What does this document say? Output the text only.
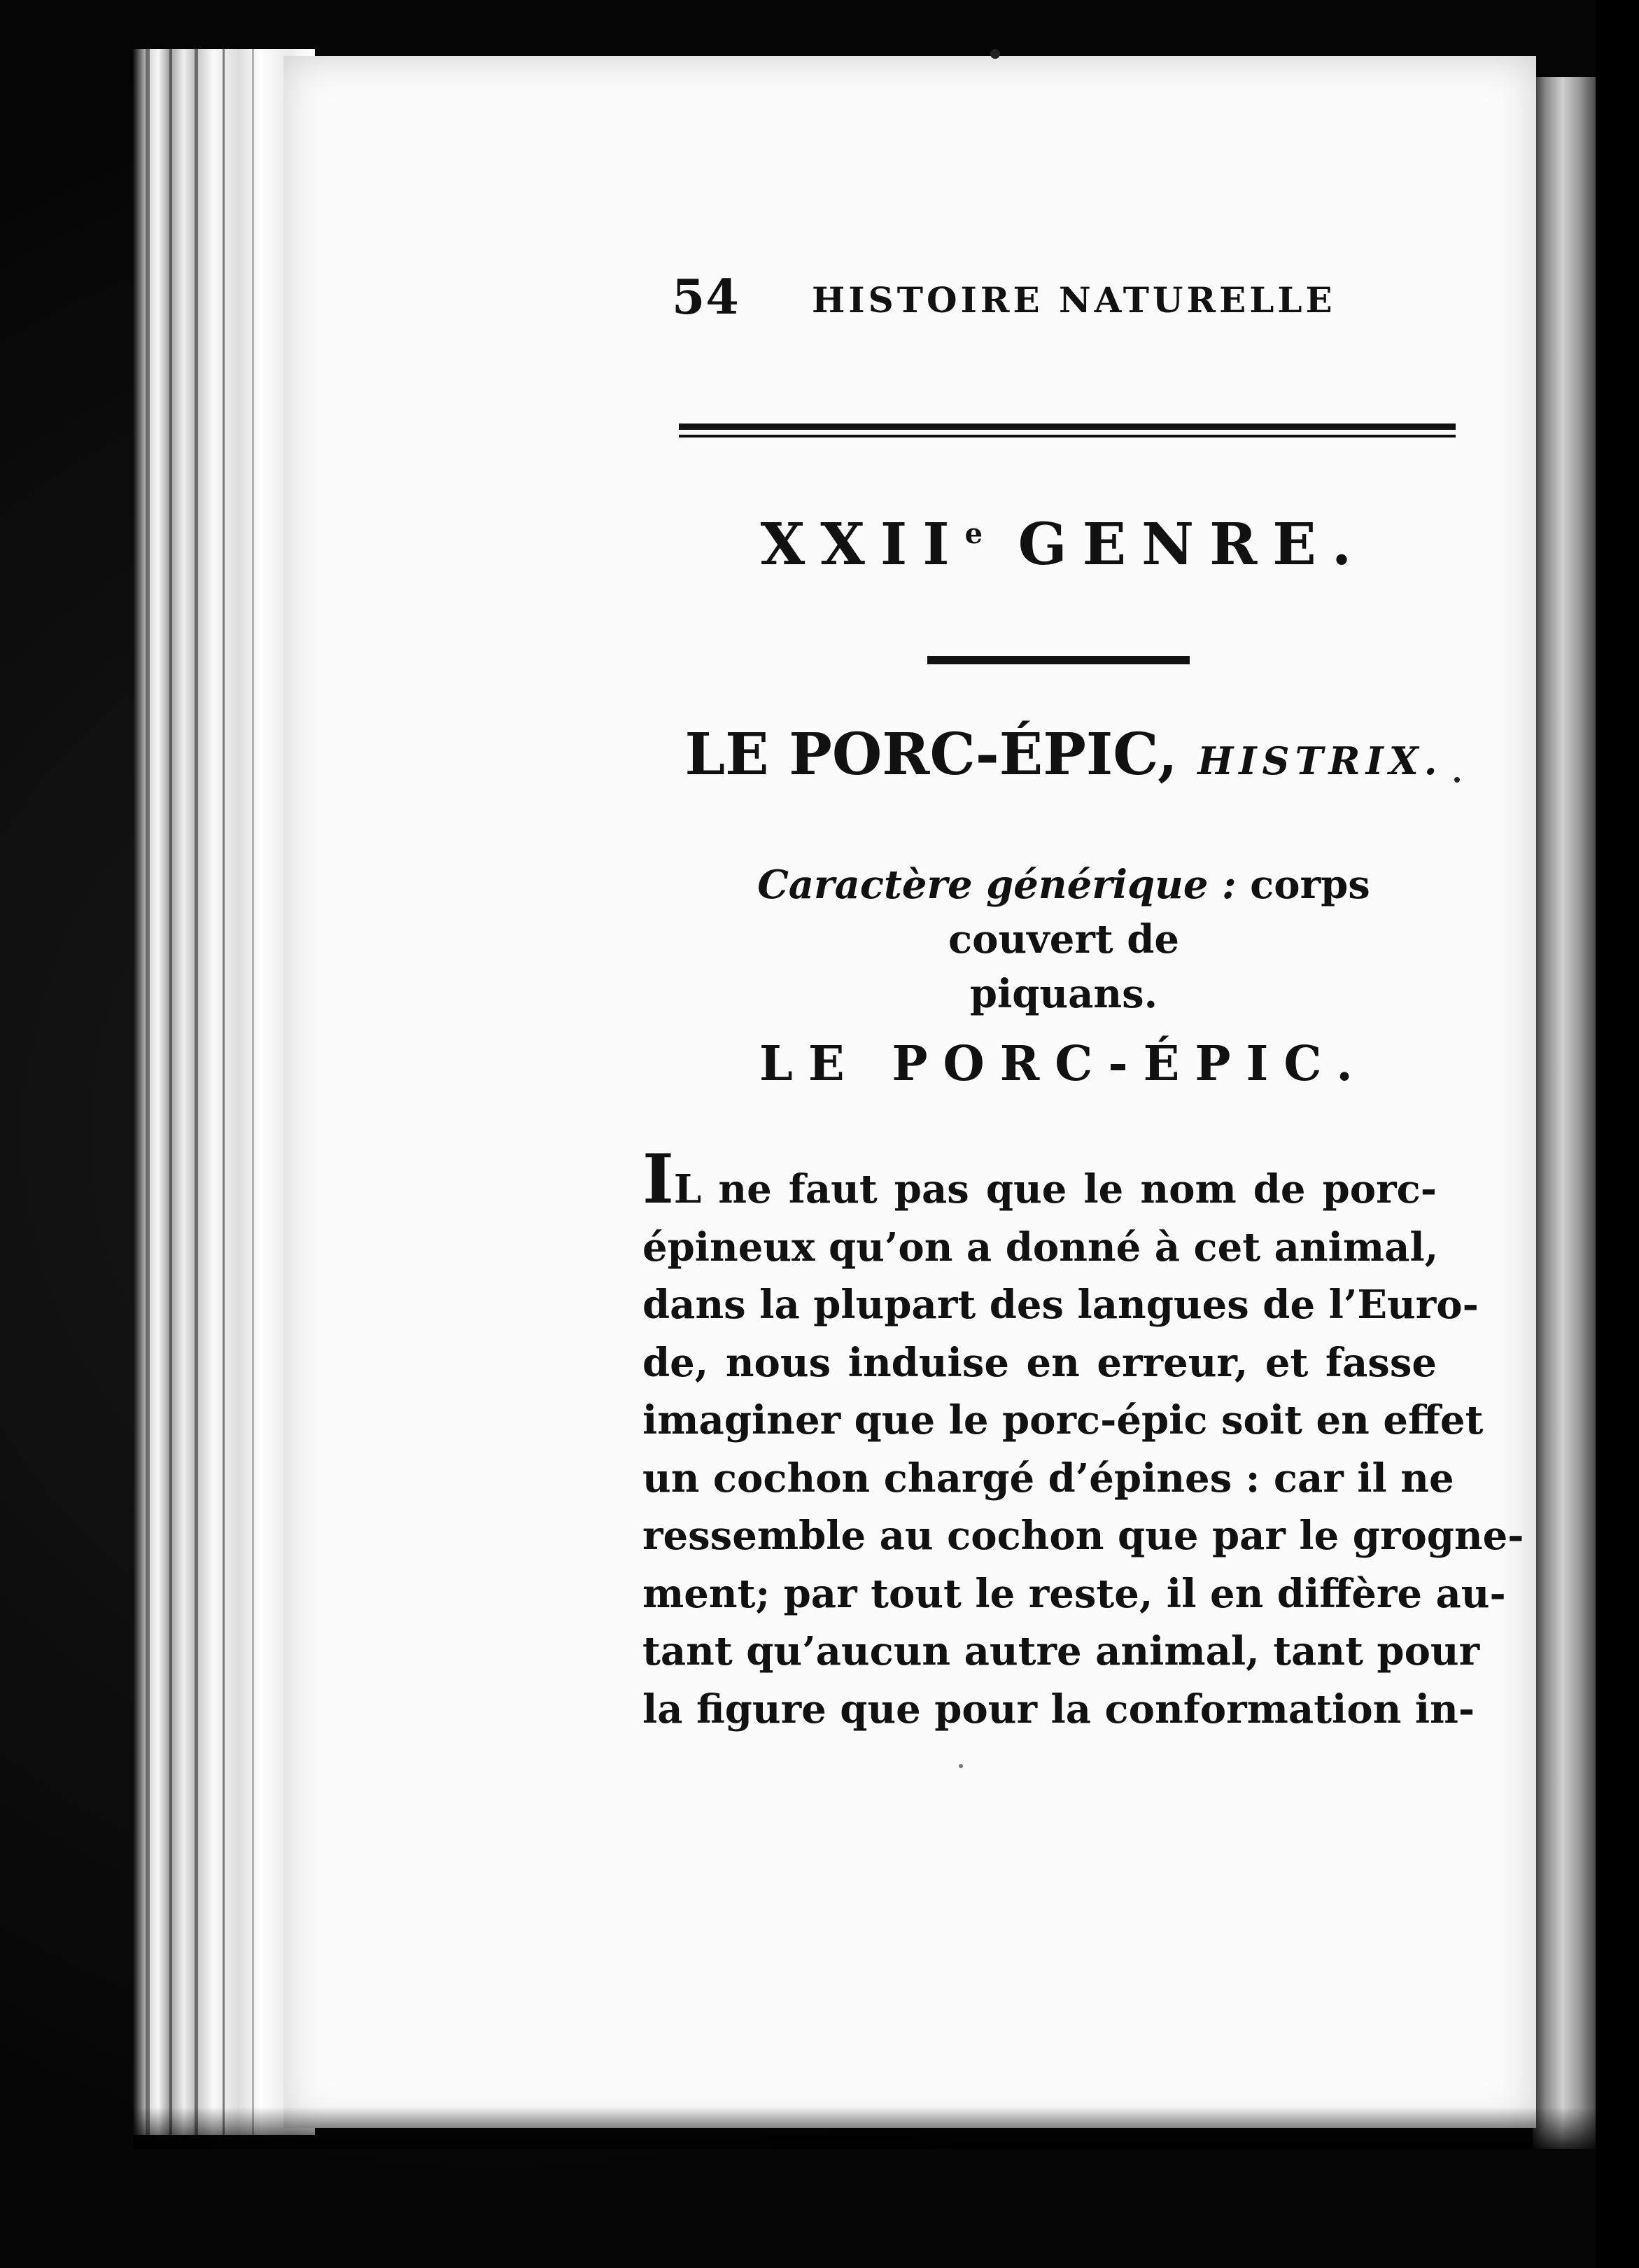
54 HISTOIRE NATURELLE
XXIIe GENRE.
LE PORC-ÉPIC, HISTRIX.
Caractère générique : corps couvert de
piquans.
LE PORC-ÉPIC.
IL ne faut pas que le nom de porc-
épineux qu’on a donné à cet animal,
dans la plupart des langues de l’Euro-
de, nous induise en erreur, et fasse
imaginer que le porc-épic soit en effet
un cochon chargé d’épines : car il ne
ressemble au cochon que par le grogne-
ment; par tout le reste, il en diffère au-
tant qu’aucun autre animal, tant pour
la figure que pour la conformation in-
